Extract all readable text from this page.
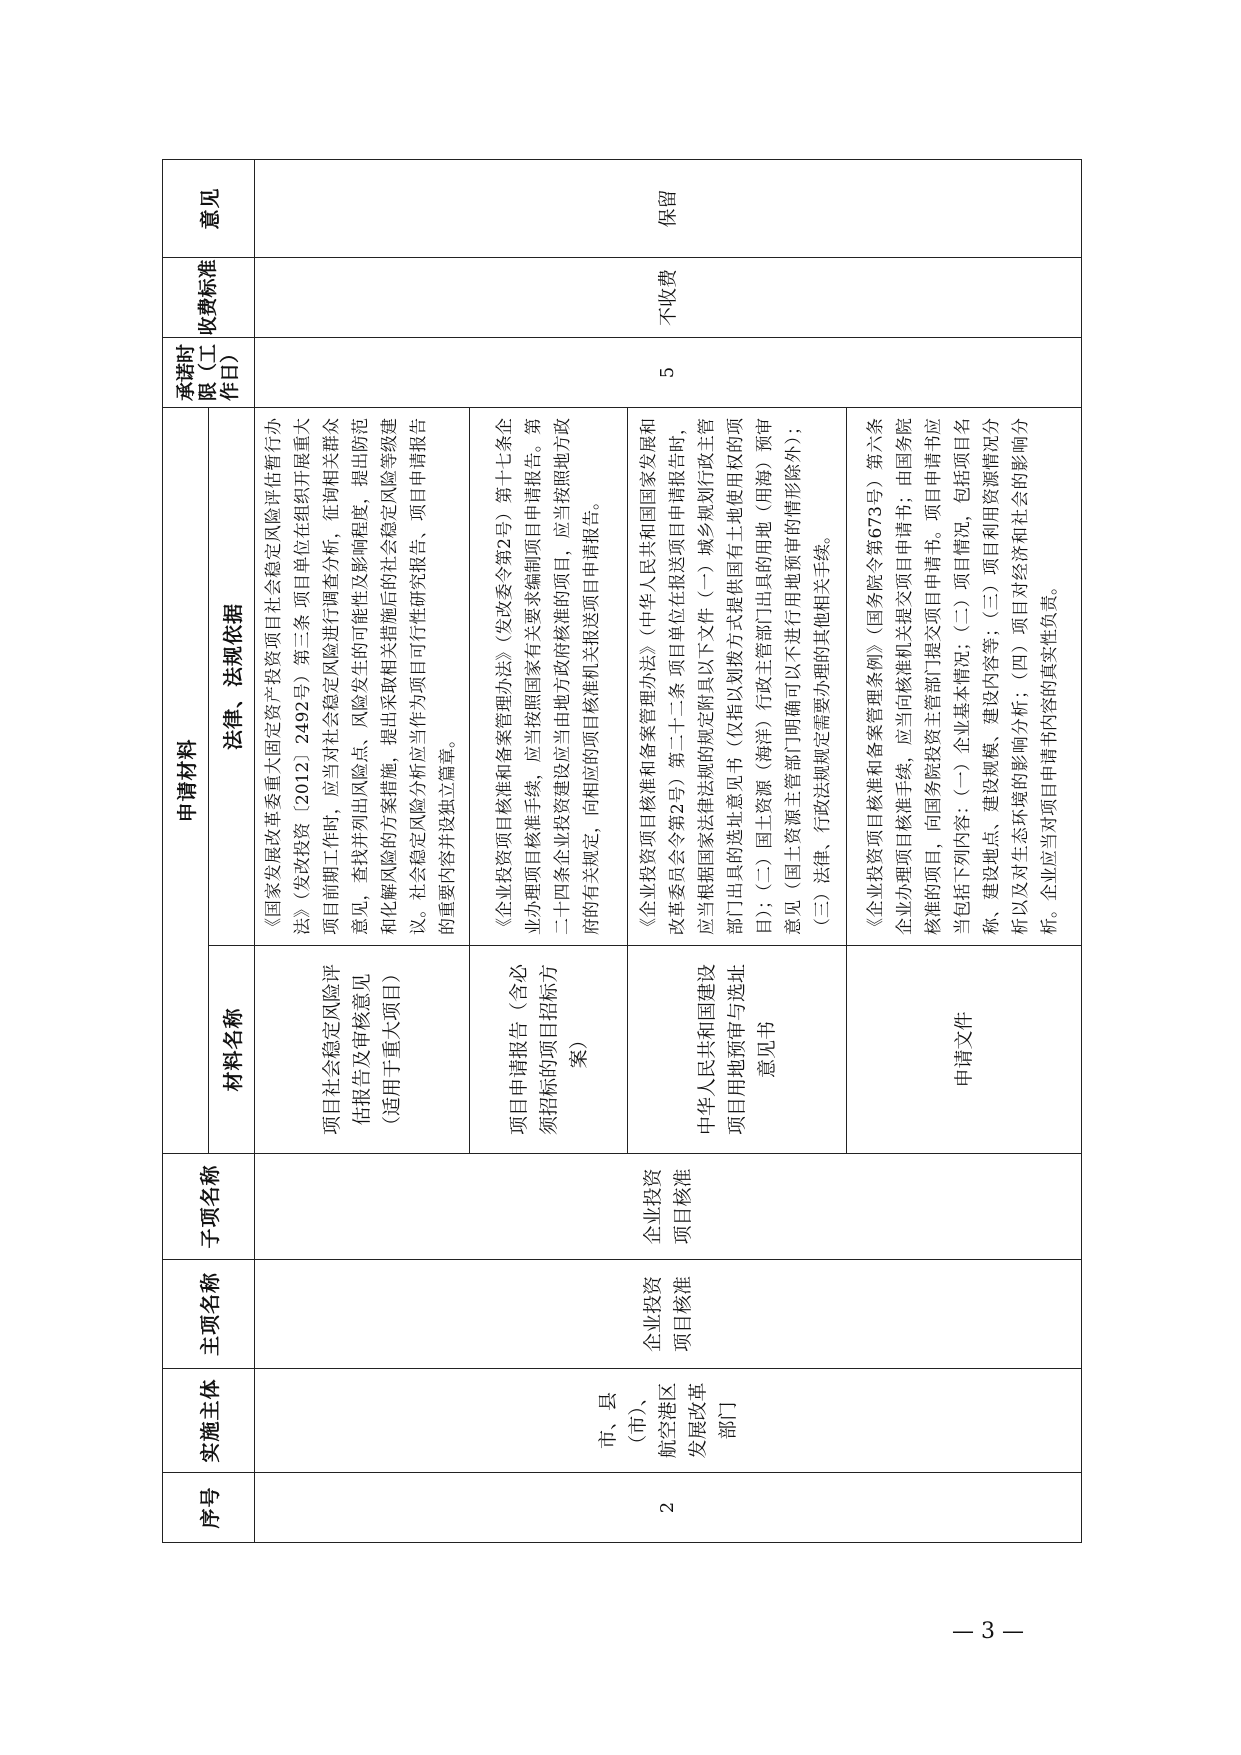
序号	实施主体	主项名称	子项名称	申请材料		承诺时限（工作日）	收费标准	意见
				材料名称	法律、法规依据			
2	市、县（市）、航空港区发展改革部门	企业投资项目核准	企业投资项目核准	项目社会稳定风险评估报告及审核意见（适用于重大项目）	《国家发展改革委重大固定资产投资项目社会稳定风险评估暂行办法》（发改投资〔2012〕2492号）第三条 项目单位在组织开展重大项目前期工作时，应当对社会稳定风险进行调查分析，征询相关群众意见，查找并列出风险点、风险发生的可能性及影响程度，提出防范和化解风险的方案措施，提出采取相关措施后的社会稳定风险等级建议。社会稳定风险分析应当作为项目可行性研究报告、项目申请报告的重要内容并设独立篇章。	5	不收费	保留
				项目申请报告（含必须招标的项目招标方案）	《企业投资项目核准和备案管理办法》（发改委令第2号）第十七条企业办理项目核准手续，应当按照国家有关要求编制项目申请报告。第二十四条企业投资建设应当由地方政府核准的项目，应当按照地方政府的有关规定，向相应的项目核准机关报送项目申请报告。			
				中华人民共和国建设项目用地预审与选址意见书	《企业投资项目核准和备案管理办法》（中华人民共和国国家发展和改革委员会令第2号）第二十二条 项目单位在报送项目申请报告时，应当根据国家法律法规的规定附具以下文件（一）城乡规划行政主管部门出具的选址意见书（仅指以划拨方式提供国有土地使用权的项目）；（二）国土资源（海洋）行政主管部门出具的用地（用海）预审意见（国土资源主管部门明确可以不进行用地预审的情形除外）；（三）法律、行政法规规定需要办理的其他相关手续。			
				申请文件	《企业投资项目核准和备案管理条例》（国务院令第673号）第六条 企业办理项目核准手续，应当向核准机关提交项目申请书；由国务院核准的项目，向国务院投资主管部门提交项目申请书。项目申请书应当包括下列内容：（一）企业基本情况；（二）项目情况，包括项目名称、建设地点、建设规模、建设内容等；（三）项目利用资源情况分析以及对生态环境的影响分析；（四）项目对经济和社会的影响分析。企业应当对项目申请书内容的真实性负责。			
— 3 —
